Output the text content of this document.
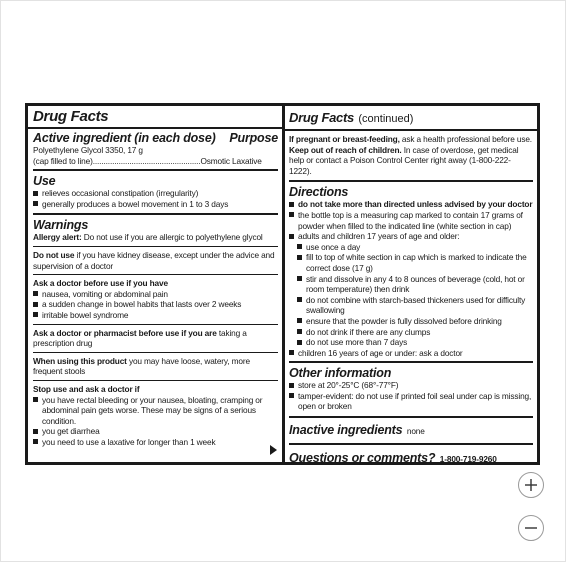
Drug Facts
Active ingredient (in each dose) Purpose
Polyethylene Glycol 3350, 17 g
(cap filled to line).................................................. Osmotic Laxative
Use
relieves occasional constipation (irregularity)
generally produces a bowel movement in 1 to 3 days
Warnings
Allergy alert: Do not use if you are allergic to polyethylene glycol
Do not use if you have kidney disease, except under the advice and supervision of a doctor
Ask a doctor before use if you have
nausea, vomiting or abdominal pain
a sudden change in bowel habits that lasts over 2 weeks
irritable bowel syndrome
Ask a doctor or pharmacist before use if you are taking a prescription drug
When using this product you may have loose, watery, more frequent stools
Stop use and ask a doctor if
you have rectal bleeding or your nausea, bloating, cramping or abdominal pain gets worse. These may be signs of a serious condition.
you get diarrhea
you need to use a laxative for longer than 1 week
Drug Facts (continued)
If pregnant or breast-feeding, ask a health professional before use. Keep out of reach of children. In case of overdose, get medical help or contact a Poison Control Center right away (1-800-222-1222).
Directions
do not take more than directed unless advised by your doctor
the bottle top is a measuring cap marked to contain 17 grams of powder when filled to the indicated line (white section in cap)
adults and children 17 years of age and older:
use once a day
fill to top of white section in cap which is marked to indicate the correct dose (17 g)
stir and dissolve in any 4 to 8 ounces of beverage (cold, hot or room temperature) then drink
do not combine with starch-based thickeners used for difficulty swallowing
ensure that the powder is fully dissolved before drinking
do not drink if there are any clumps
do not use more than 7 days
children 16 years of age or under: ask a doctor
Other information
store at 20°-25°C (68°-77°F)
tamper-evident: do not use if printed foil seal under cap is missing, open or broken
Inactive ingredients none
Questions or comments? 1-800-719-9260
